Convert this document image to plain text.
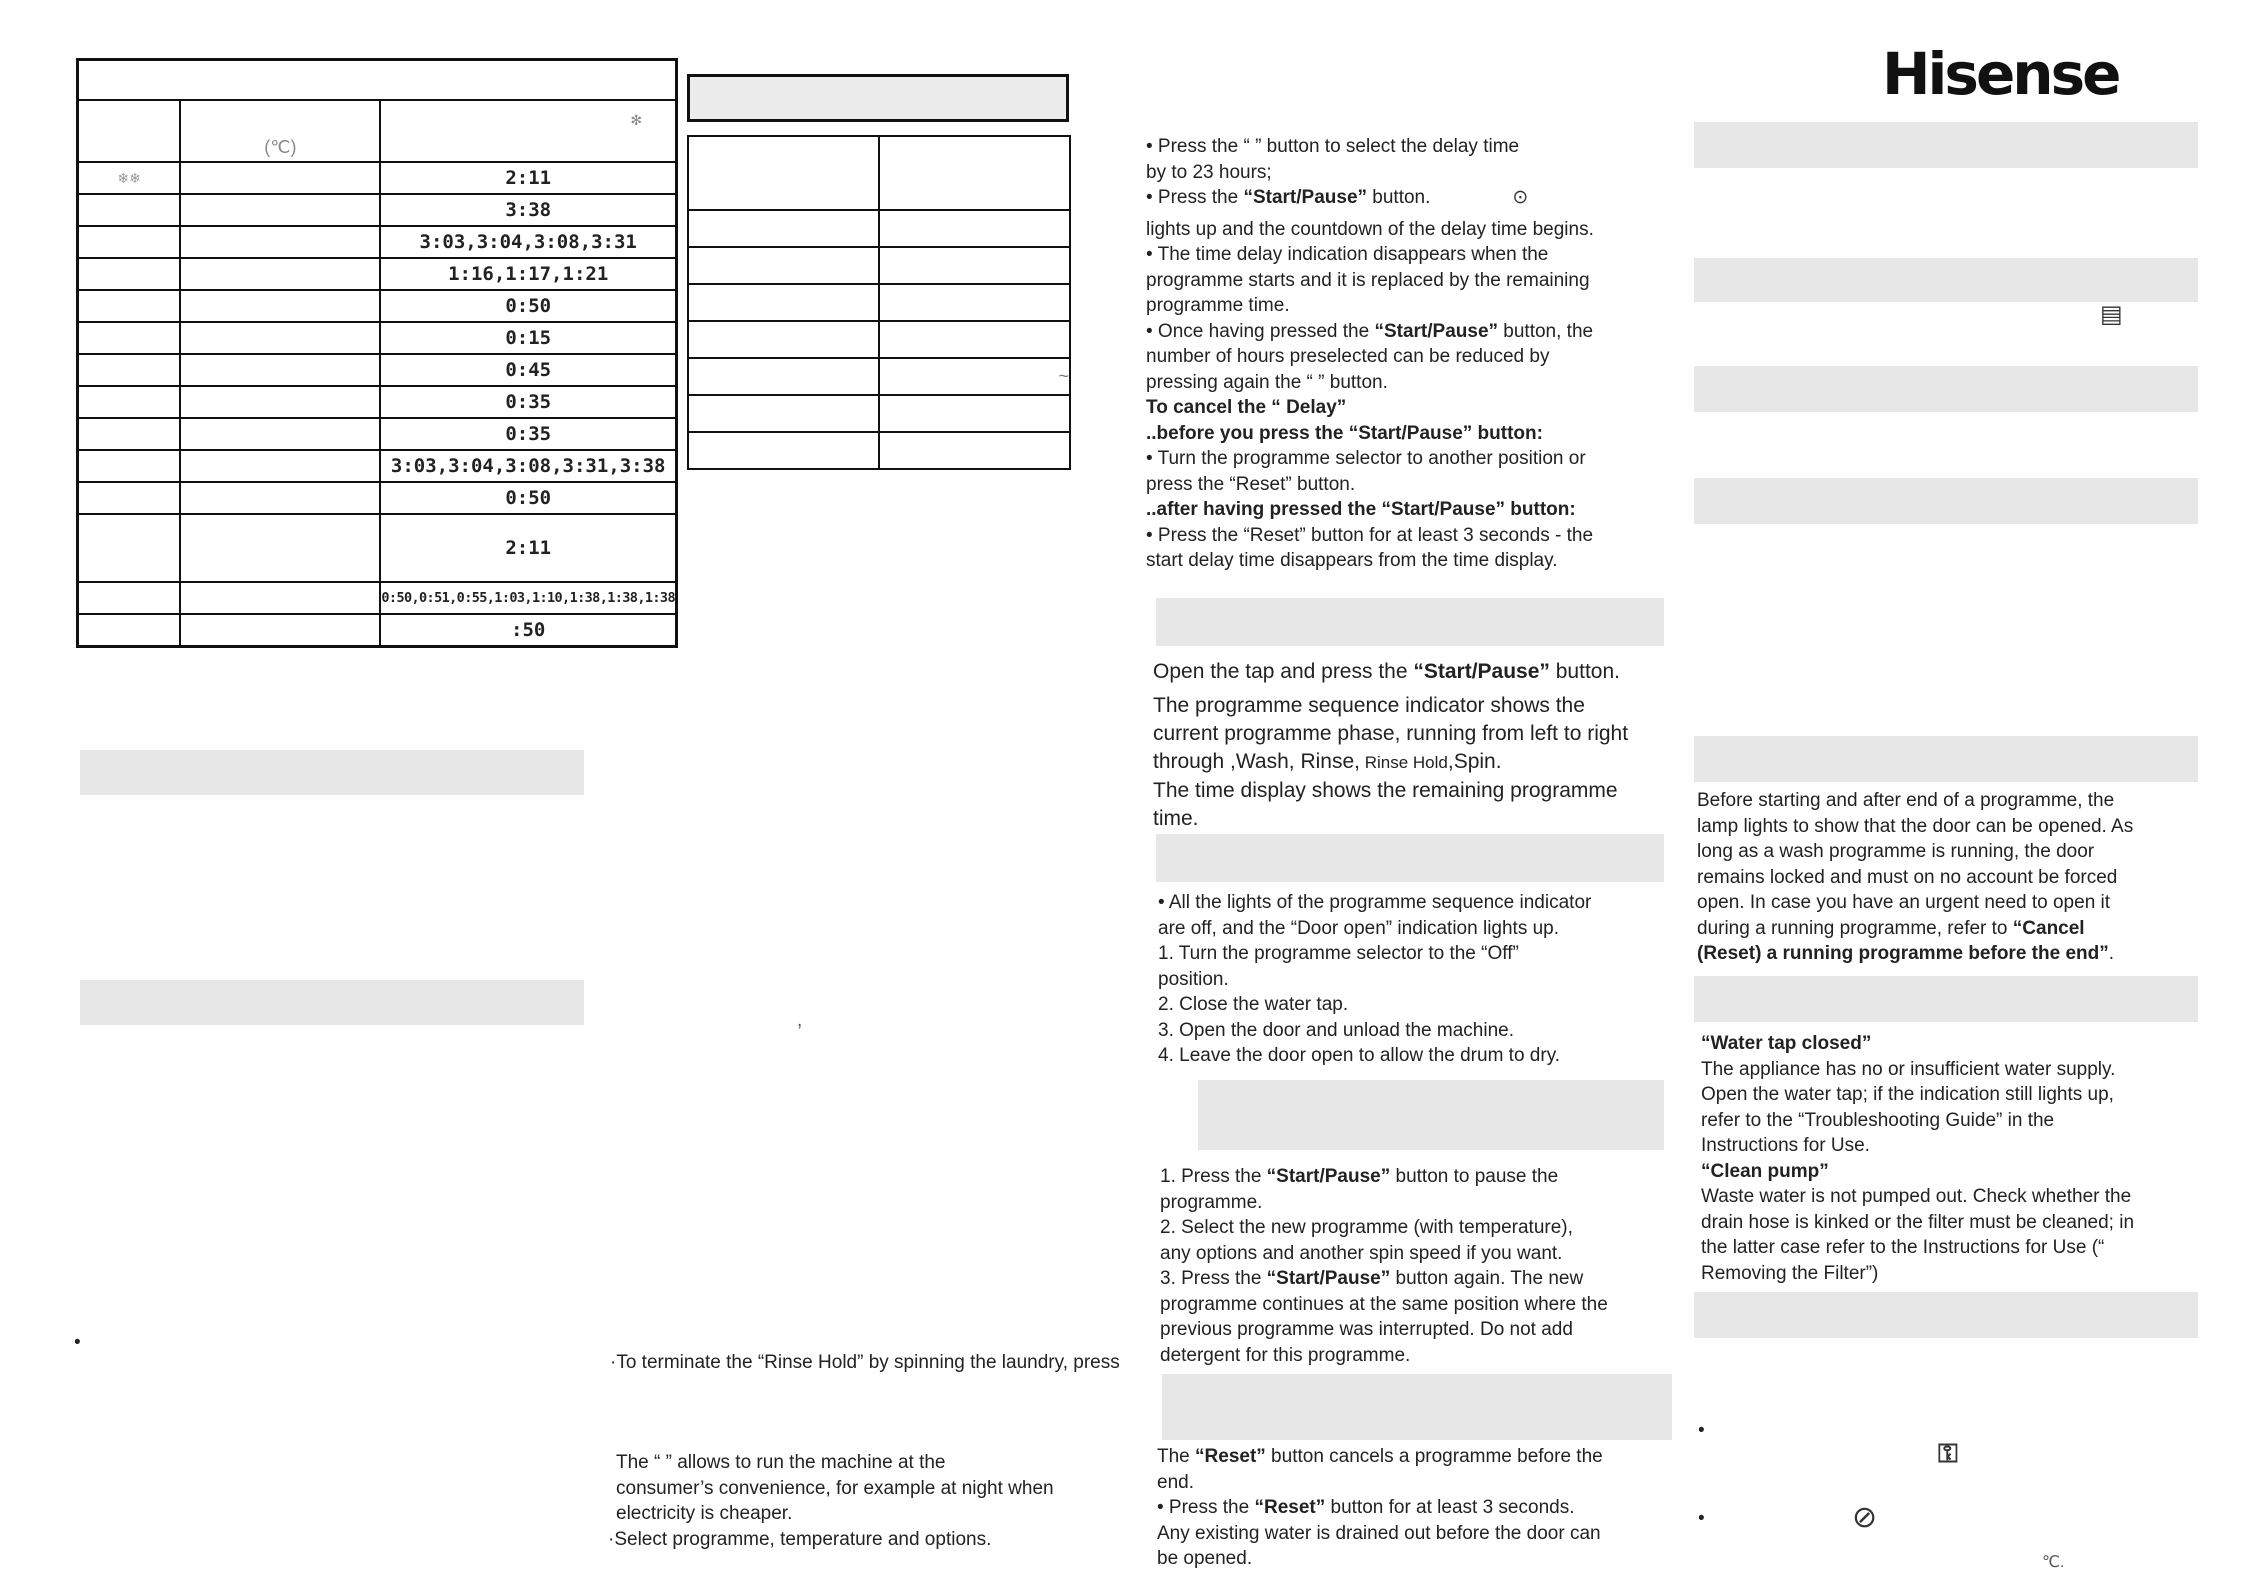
	(℃)	✻
❄❄		2:11
		3:38
		3:03,3:04,3:08,3:31
		1:16,1:17,1:21
		0:50
		0:15
		0:45
		0:35
		0:35
		3:03,3:04,3:08,3:31,3:38
		0:50
		2:11
		0:50,0:51,0:55,1:03,1:10,1:38,1:38,1:38
		:50
•

	~

,
·To terminate the “Rinse Hold” by spinning the laundry, press
The “ ” allows to run the machine at the
consumer’s convenience, for example at night when
electricity is cheaper.
·Select programme, temperature and options.
• Press the “ ” button to select the delay time
by to 23 hours;
• Press the “Start/Pause” button.	⊙
lights up and the countdown of the delay time begins.
• The time delay indication disappears when the
programme starts and it is replaced by the remaining
programme time.
• Once having pressed the “Start/Pause” button, the
number of hours preselected can be reduced by
pressing again the “ ” button.
To cancel the “ Delay”
..before you press the “Start/Pause” button:
• Turn the programme selector to another position or
press the “Reset” button.
..after having pressed the “Start/Pause” button:
• Press the “Reset” button for at least 3 seconds - the
start delay time disappears from the time display.
Open the tap and press the “Start/Pause” button.
The programme sequence indicator shows the
current programme phase, running from left to right
through ,Wash, Rinse, Rinse Hold,Spin.
The time display shows the remaining programme
time.
• All the lights of the programme sequence indicator
are off, and the “Door open” indication lights up.
1. Turn the programme selector to the “Off”
position.
2. Close the water tap.
3. Open the door and unload the machine.
4. Leave the door open to allow the drum to dry.
1. Press the “Start/Pause” button to pause the
programme.
2. Select the new programme (with temperature),
any options and another spin speed if you want.
3. Press the “Start/Pause” button again. The new
programme continues at the same position where the
previous programme was interrupted. Do not add
detergent for this programme.
The “Reset” button cancels a programme before the
end.
• Press the “Reset” button for at least 3 seconds.
Any existing water is drained out before the door can
be opened.
Hisense
▤
Before starting and after end of a programme, the
lamp lights to show that the door can be opened. As
long as a wash programme is running, the door
remains locked and must on no account be forced
open. In case you have an urgent need to open it
during a running programme, refer to “Cancel
(Reset) a running programme before the end”.
“Water tap closed”
The appliance has no or insufficient water supply.
Open the water tap; if the indication still lights up,
refer to the “Troubleshooting Guide” in the
Instructions for Use.
“Clean pump”
Waste water is not pumped out. Check whether the
drain hose is kinked or the filter must be cleaned; in
the latter case refer to the Instructions for Use (“
Removing the Filter”)
•
⚿
•	⊘
℃.
